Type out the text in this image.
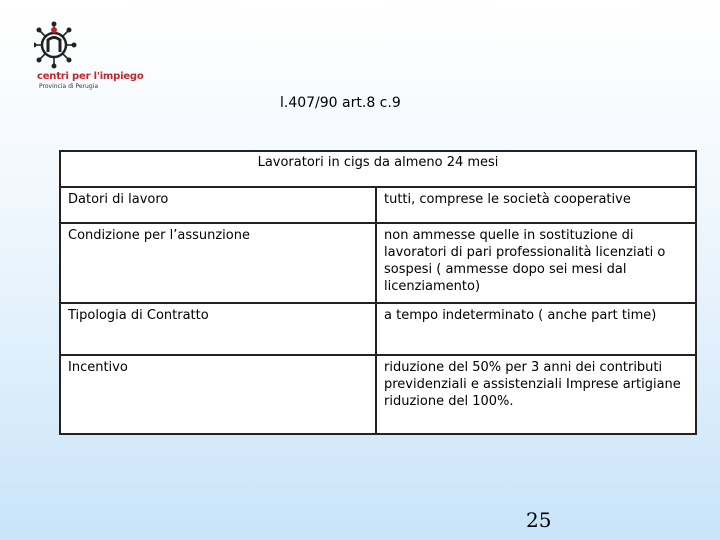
centri per l'impiego
Provincia di Perugia
l.407/90 art.8 c.9
Lavoratori in cigs da almeno 24 mesi	
Datori di lavoro	tutti, comprese le società cooperative
Condizione per l’assunzione	non ammesse quelle in sostituzione di lavoratori di pari professionalità licenziati o sospesi ( ammesse dopo sei mesi dal licenziamento)
Tipologia di Contratto	a tempo indeterminato ( anche part time)
Incentivo	riduzione del 50% per 3 anni dei contributi previdenziali e assistenziali Imprese artigiane riduzione del 100%.
25
